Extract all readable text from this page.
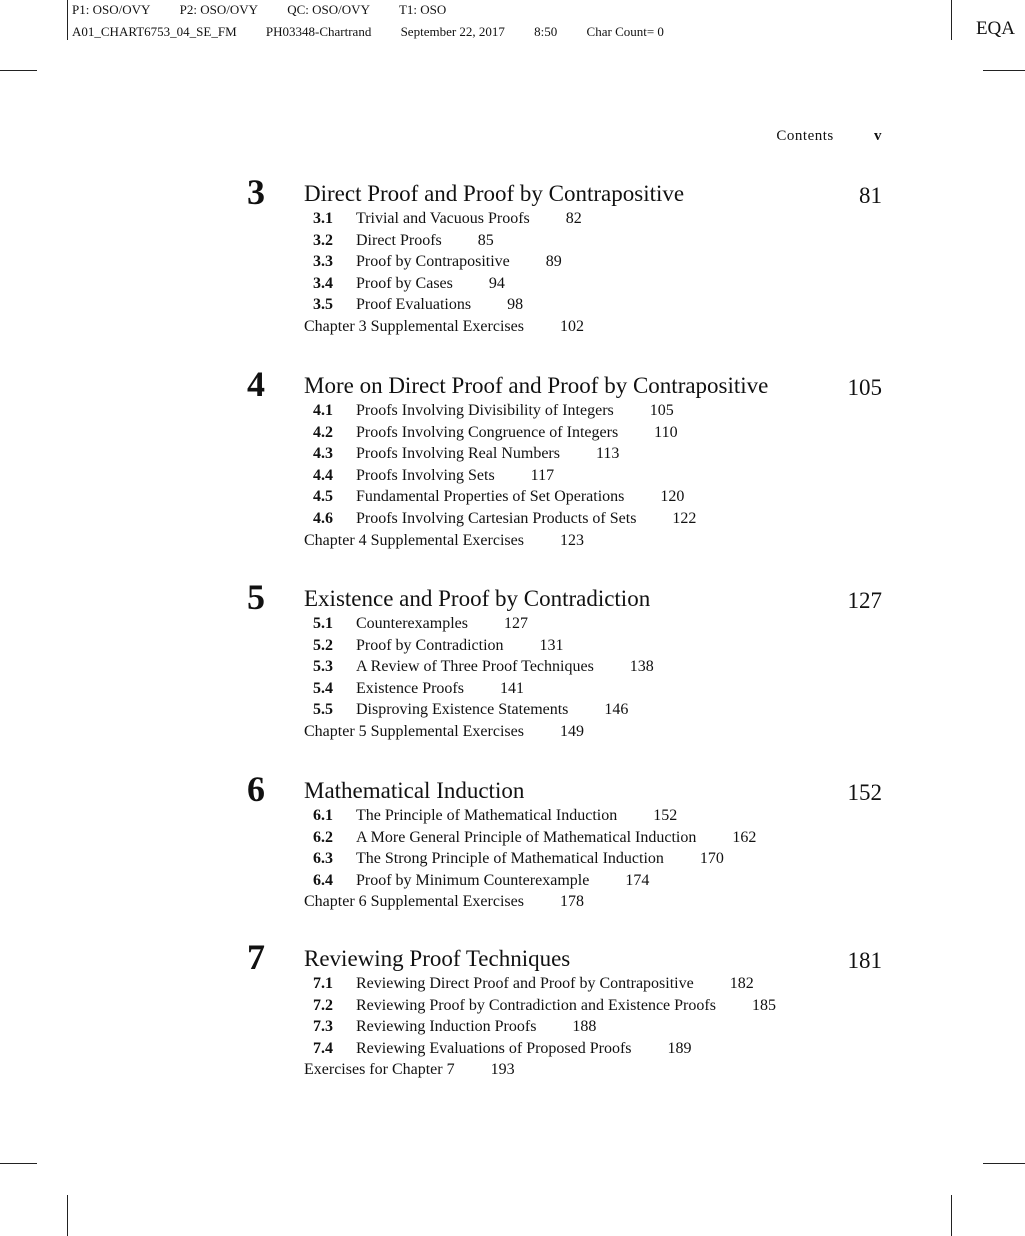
P1: OSO/OVY P2: OSO/OVY QC: OSO/OVY T1: OSO
A01_CHART6753_04_SE_FM PH03348-Chartrand September 22, 2017 8:50 Char Count= 0	EQA
Contents	v
3 Direct Proof and Proof by Contrapositive	81
3.1 Trivial and Vacuous Proofs 82
3.2 Direct Proofs 85
3.3 Proof by Contrapositive 89
3.4 Proof by Cases 94
3.5 Proof Evaluations 98
Chapter 3 Supplemental Exercises 102
4 More on Direct Proof and Proof by Contrapositive	105
4.1 Proofs Involving Divisibility of Integers 105
4.2 Proofs Involving Congruence of Integers 110
4.3 Proofs Involving Real Numbers 113
4.4 Proofs Involving Sets 117
4.5 Fundamental Properties of Set Operations 120
4.6 Proofs Involving Cartesian Products of Sets 122
Chapter 4 Supplemental Exercises 123
5 Existence and Proof by Contradiction	127
5.1 Counterexamples 127
5.2 Proof by Contradiction 131
5.3 A Review of Three Proof Techniques 138
5.4 Existence Proofs 141
5.5 Disproving Existence Statements 146
Chapter 5 Supplemental Exercises 149
6 Mathematical Induction	152
6.1 The Principle of Mathematical Induction 152
6.2 A More General Principle of Mathematical Induction 162
6.3 The Strong Principle of Mathematical Induction 170
6.4 Proof by Minimum Counterexample 174
Chapter 6 Supplemental Exercises 178
7 Reviewing Proof Techniques	181
7.1 Reviewing Direct Proof and Proof by Contrapositive 182
7.2 Reviewing Proof by Contradiction and Existence Proofs 185
7.3 Reviewing Induction Proofs 188
7.4 Reviewing Evaluations of Proposed Proofs 189
Exercises for Chapter 7 193
